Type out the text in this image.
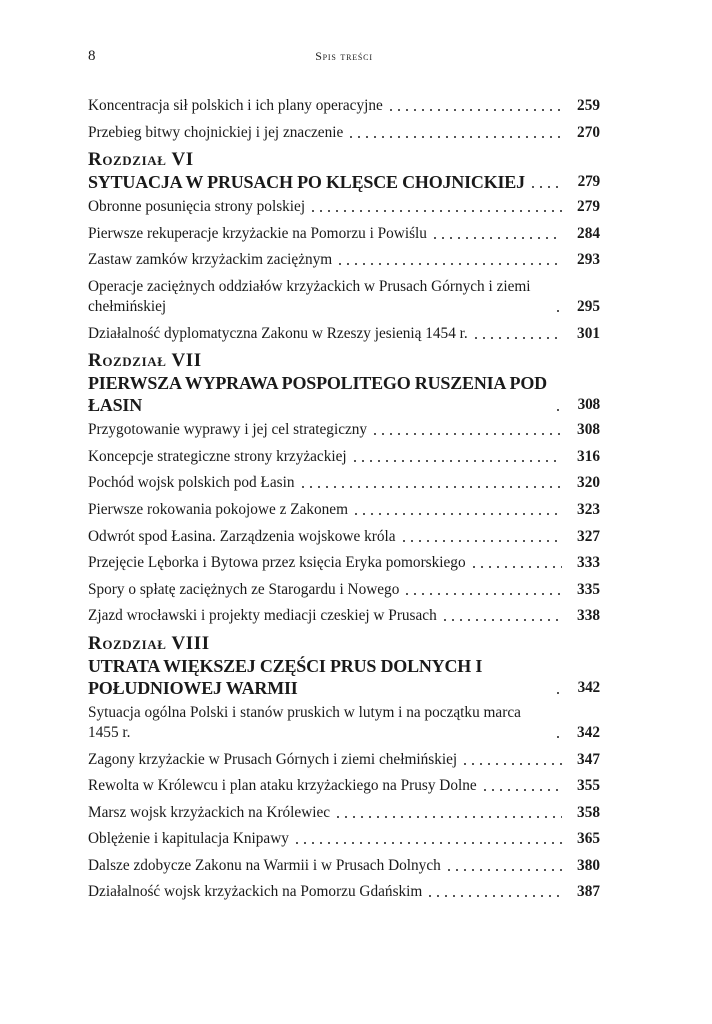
8	Spis treści
Koncentracja sił polskich i ich plany operacyjne	259
Przebieg bitwy chojnickiej i jej znaczenie	270
Rozdział VI
SYTUACJA W PRUSACH PO KLĘSCE CHOJNICKIEJ	279
Obronne posunięcia strony polskiej	279
Pierwsze rekuperacje krzyżackie na Pomorzu i Powiślu	284
Zastaw zamków krzyżackim zaciężnym	293
Operacje zaciężnych oddziałów krzyżackich w Prusach Górnych i ziemi chełmińskiej	295
Działalność dyplomatyczna Zakonu w Rzeszy jesienią 1454 r.	301
Rozdział VII
PIERWSZA WYPRAWA POSPOLITEGO RUSZENIA POD ŁASIN	308
Przygotowanie wyprawy i jej cel strategiczny	308
Koncepcje strategiczne strony krzyżackiej	316
Pochód wojsk polskich pod Łasin	320
Pierwsze rokowania pokojowe z Zakonem	323
Odwrót spod Łasina. Zarządzenia wojskowe króla	327
Przejęcie Lęborka i Bytowa przez księcia Eryka pomorskiego	333
Spory o spłatę zaciężnych ze Starogardu i Nowego	335
Zjazd wrocławski i projekty mediacji czeskiej w Prusach	338
Rozdział VIII
UTRATA WIĘKSZEJ CZĘŚCI PRUS DOLNYCH I POŁUDNIOWEJ WARMII	342
Sytuacja ogólna Polski i stanów pruskich w lutym i na początku marca 1455 r.	342
Zagony krzyżackie w Prusach Górnych i ziemi chełmińskiej	347
Rewolta w Królewcu i plan ataku krzyżackiego na Prusy Dolne	355
Marsz wojsk krzyżackich na Królewiec	358
Oblężenie i kapitulacja Knipawy	365
Dalsze zdobycze Zakonu na Warmii i w Prusach Dolnych	380
Działalność wojsk krzyżackich na Pomorzu Gdańskim	387
